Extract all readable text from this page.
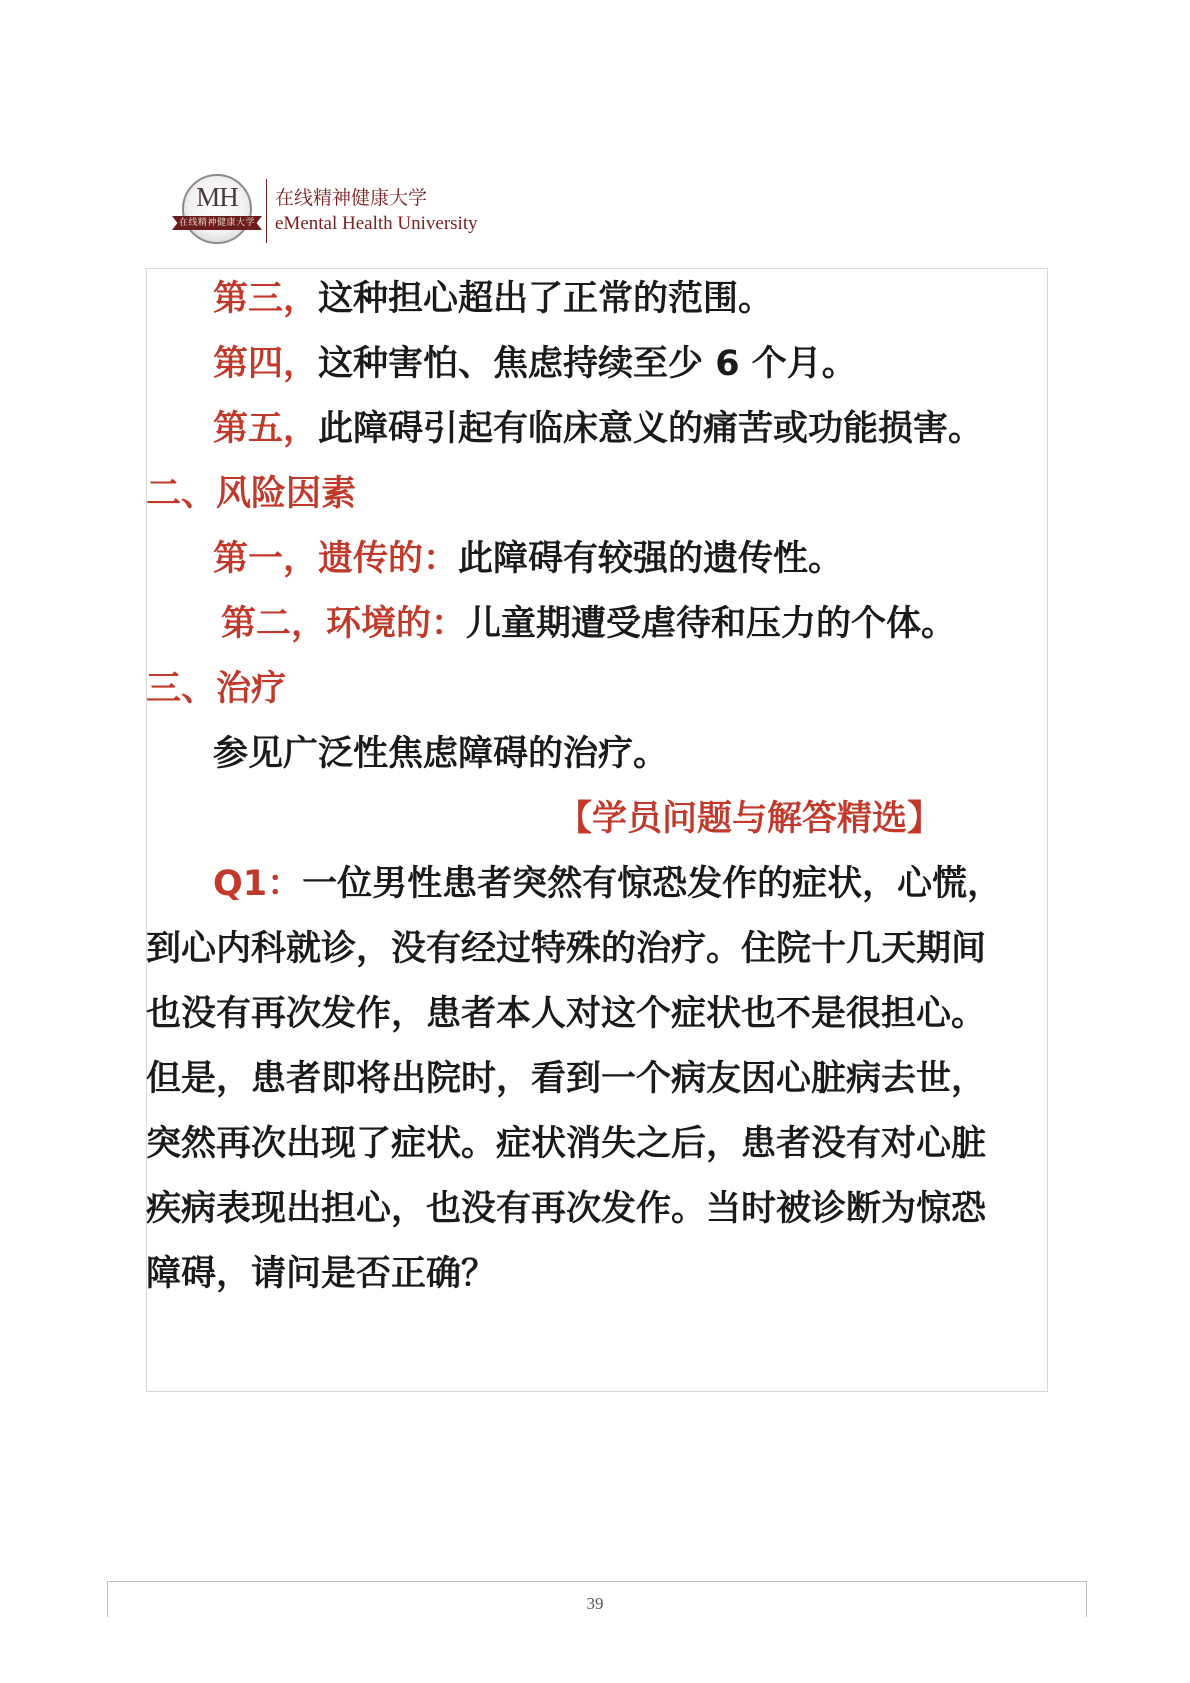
MH
在线精神健康大学
在线精神健康大学
eMental Health University
第三，这种担心超出了正常的范围。
第四，这种害怕、焦虑持续至少 6 个月。
第五，此障碍引起有临床意义的痛苦或功能损害。
二、风险因素
第一，遗传的：此障碍有较强的遗传性。
第二，环境的：儿童期遭受虐待和压力的个体。
三、治疗
参见广泛性焦虑障碍的治疗。
【学员问题与解答精选】
Q1：一位男性患者突然有惊恐发作的症状，心慌，
到心内科就诊，没有经过特殊的治疗。住院十几天期间
也没有再次发作，患者本人对这个症状也不是很担心。
但是，患者即将出院时，看到一个病友因心脏病去世，
突然再次出现了症状。症状消失之后，患者没有对心脏
疾病表现出担心，也没有再次发作。当时被诊断为惊恐
障碍，请问是否正确？
39
